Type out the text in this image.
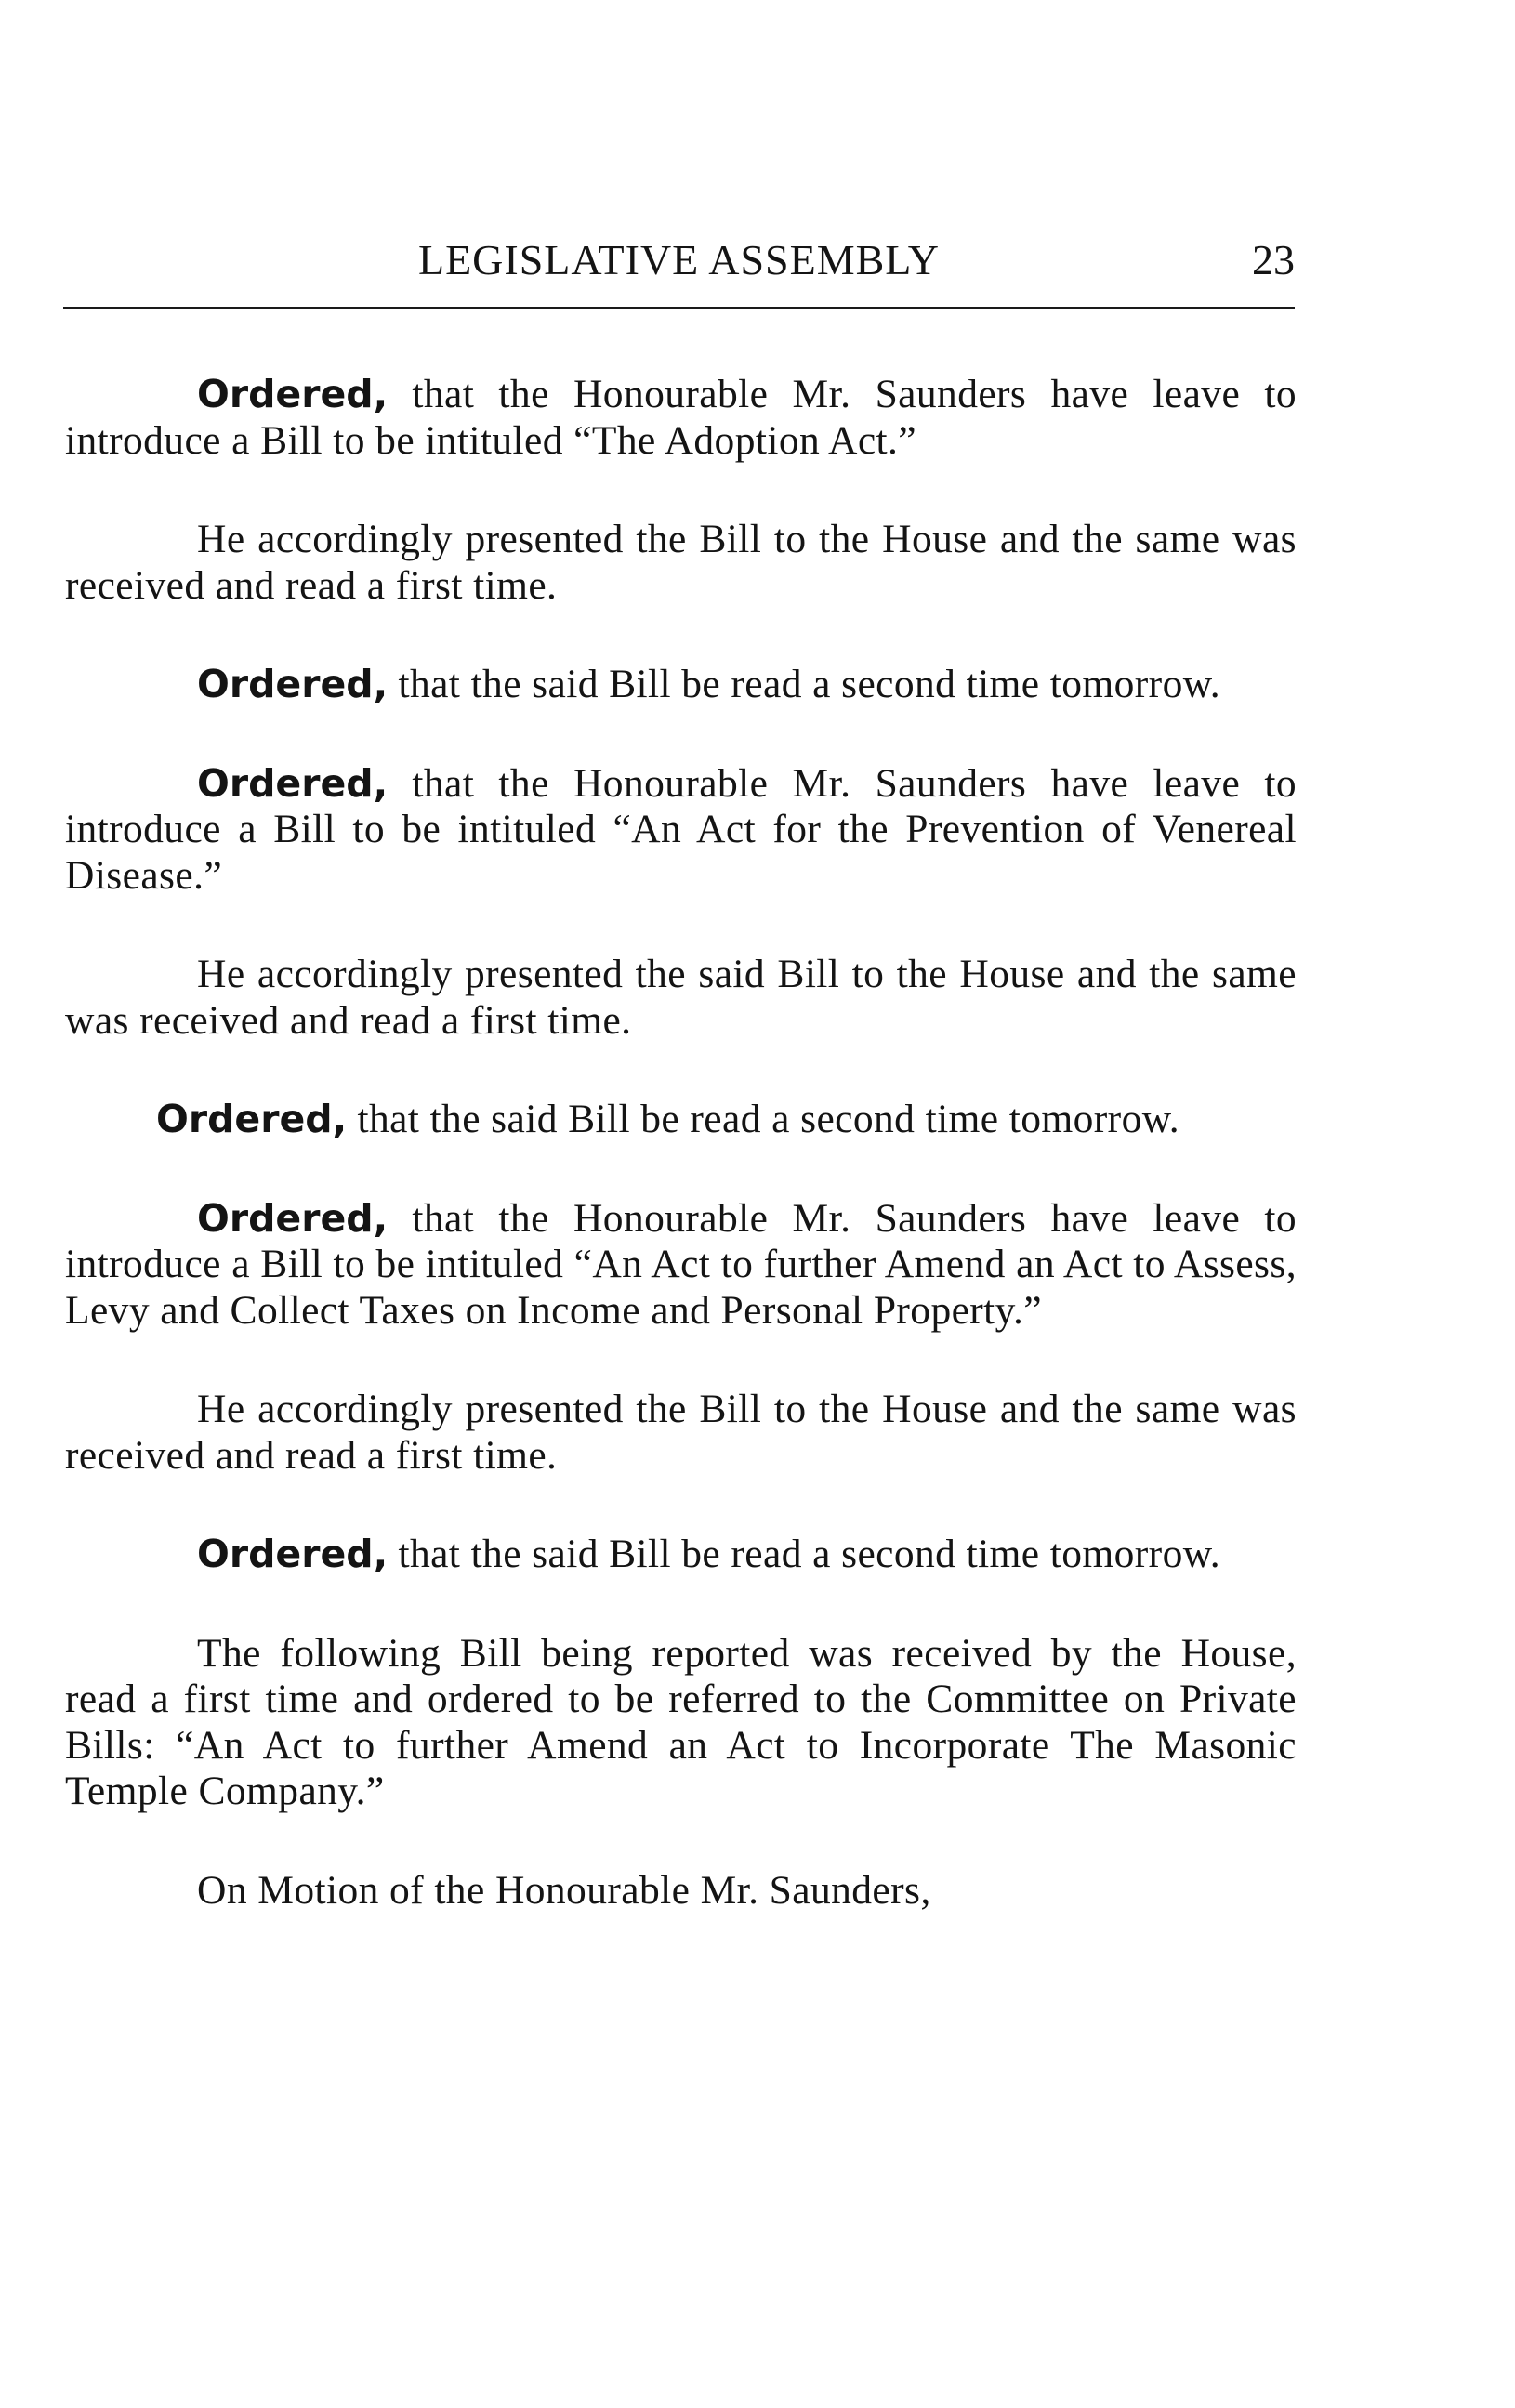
LEGISLATIVE ASSEMBLY	23

Ordered, that the Honourable Mr. Saunders have leave to introduce a Bill to be intituled “The Adoption Act.”

He accordingly presented the Bill to the House and the same was received and read a first time.

Ordered, that the said Bill be read a second time tomorrow.

Ordered, that the Honourable Mr. Saunders have leave to introduce a Bill to be intituled “An Act for the Prevention of Venereal Disease.”

He accordingly presented the said Bill to the House and the same was received and read a first time.

Ordered, that the said Bill be read a second time tomorrow.

Ordered, that the Honourable Mr. Saunders have leave to introduce a Bill to be intituled “An Act to further Amend an Act to Assess, Levy and Collect Taxes on Income and Personal Property.”

He accordingly presented the Bill to the House and the same was received and read a first time.

Ordered, that the said Bill be read a second time tomorrow.

The following Bill being reported was received by the House, read a first time and ordered to be referred to the Committee on Private Bills: “An Act to further Amend an Act to Incorporate The Masonic Temple Company.”

On Motion of the Honourable Mr. Saunders,
